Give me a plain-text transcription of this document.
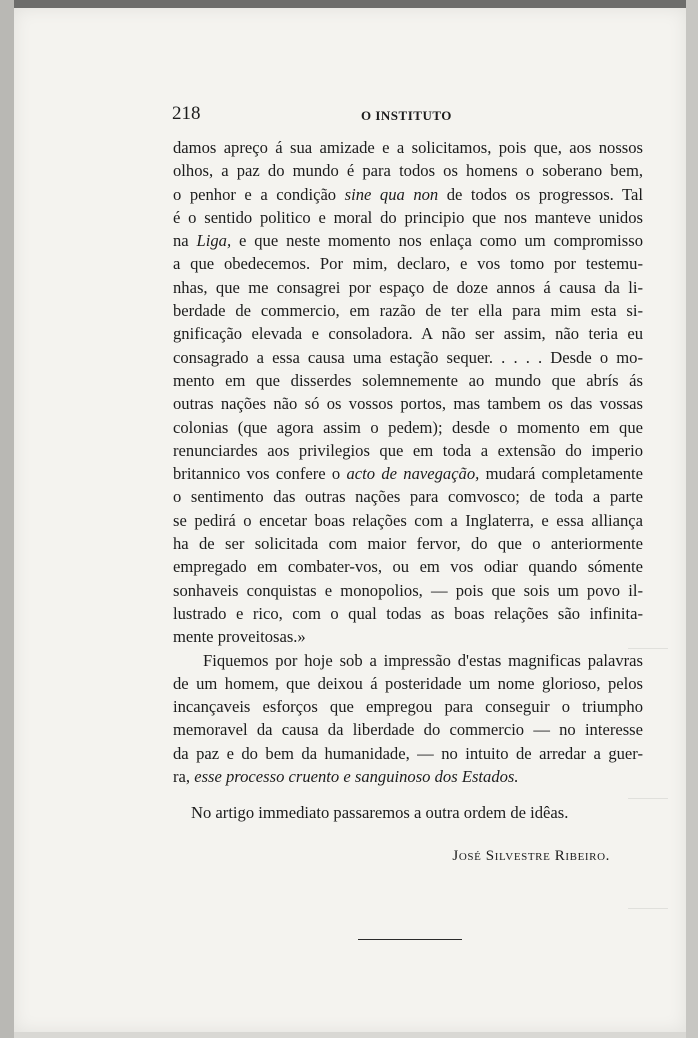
218	O INSTITUTO
damos apreço á sua amizade e a solicitamos, pois que, aos nossos
olhos, a paz do mundo é para todos os homens o soberano bem,
o penhor e a condição sine qua non de todos os progressos. Tal
é o sentido politico e moral do principio que nos manteve unidos
na Liga, e que neste momento nos enlaça como um compromisso
a que obedecemos. Por mim, declaro, e vos tomo por testemu-
nhas, que me consagrei por espaço de doze annos á causa da li-
berdade de commercio, em razão de ter ella para mim esta si-
gnificação elevada e consoladora. A não ser assim, não teria eu
consagrado a essa causa uma estação sequer. . . . . Desde o mo-
mento em que disserdes solemnemente ao mundo que abrís ás
outras nações não só os vossos portos, mas tambem os das vossas
colonias (que agora assim o pedem); desde o momento em que
renunciardes aos privilegios que em toda a extensão do imperio
britannico vos confere o acto de navegação, mudará completamente
o sentimento das outras nações para comvosco; de toda a parte
se pedirá o encetar boas relações com a Inglaterra, e essa alliança
ha de ser solicitada com maior fervor, do que o anteriormente
empregado em combater-vos, ou em vos odiar quando sómente
sonhaveis conquistas e monopolios, — pois que sois um povo il-
lustrado e rico, com o qual todas as boas relações são infinita-
mente proveitosas.»
Fiquemos por hoje sob a impressão d'estas magnificas palavras
de um homem, que deixou á posteridade um nome glorioso, pelos
incançaveis esforços que empregou para conseguir o triumpho
memoravel da causa da liberdade do commercio — no interesse
da paz e do bem da humanidade, — no intuito de arredar a guer-
ra, esse processo cruento e sanguinoso dos Estados.
No artigo immediato passaremos a outra ordem de idêas.
José Silvestre Ribeiro.
